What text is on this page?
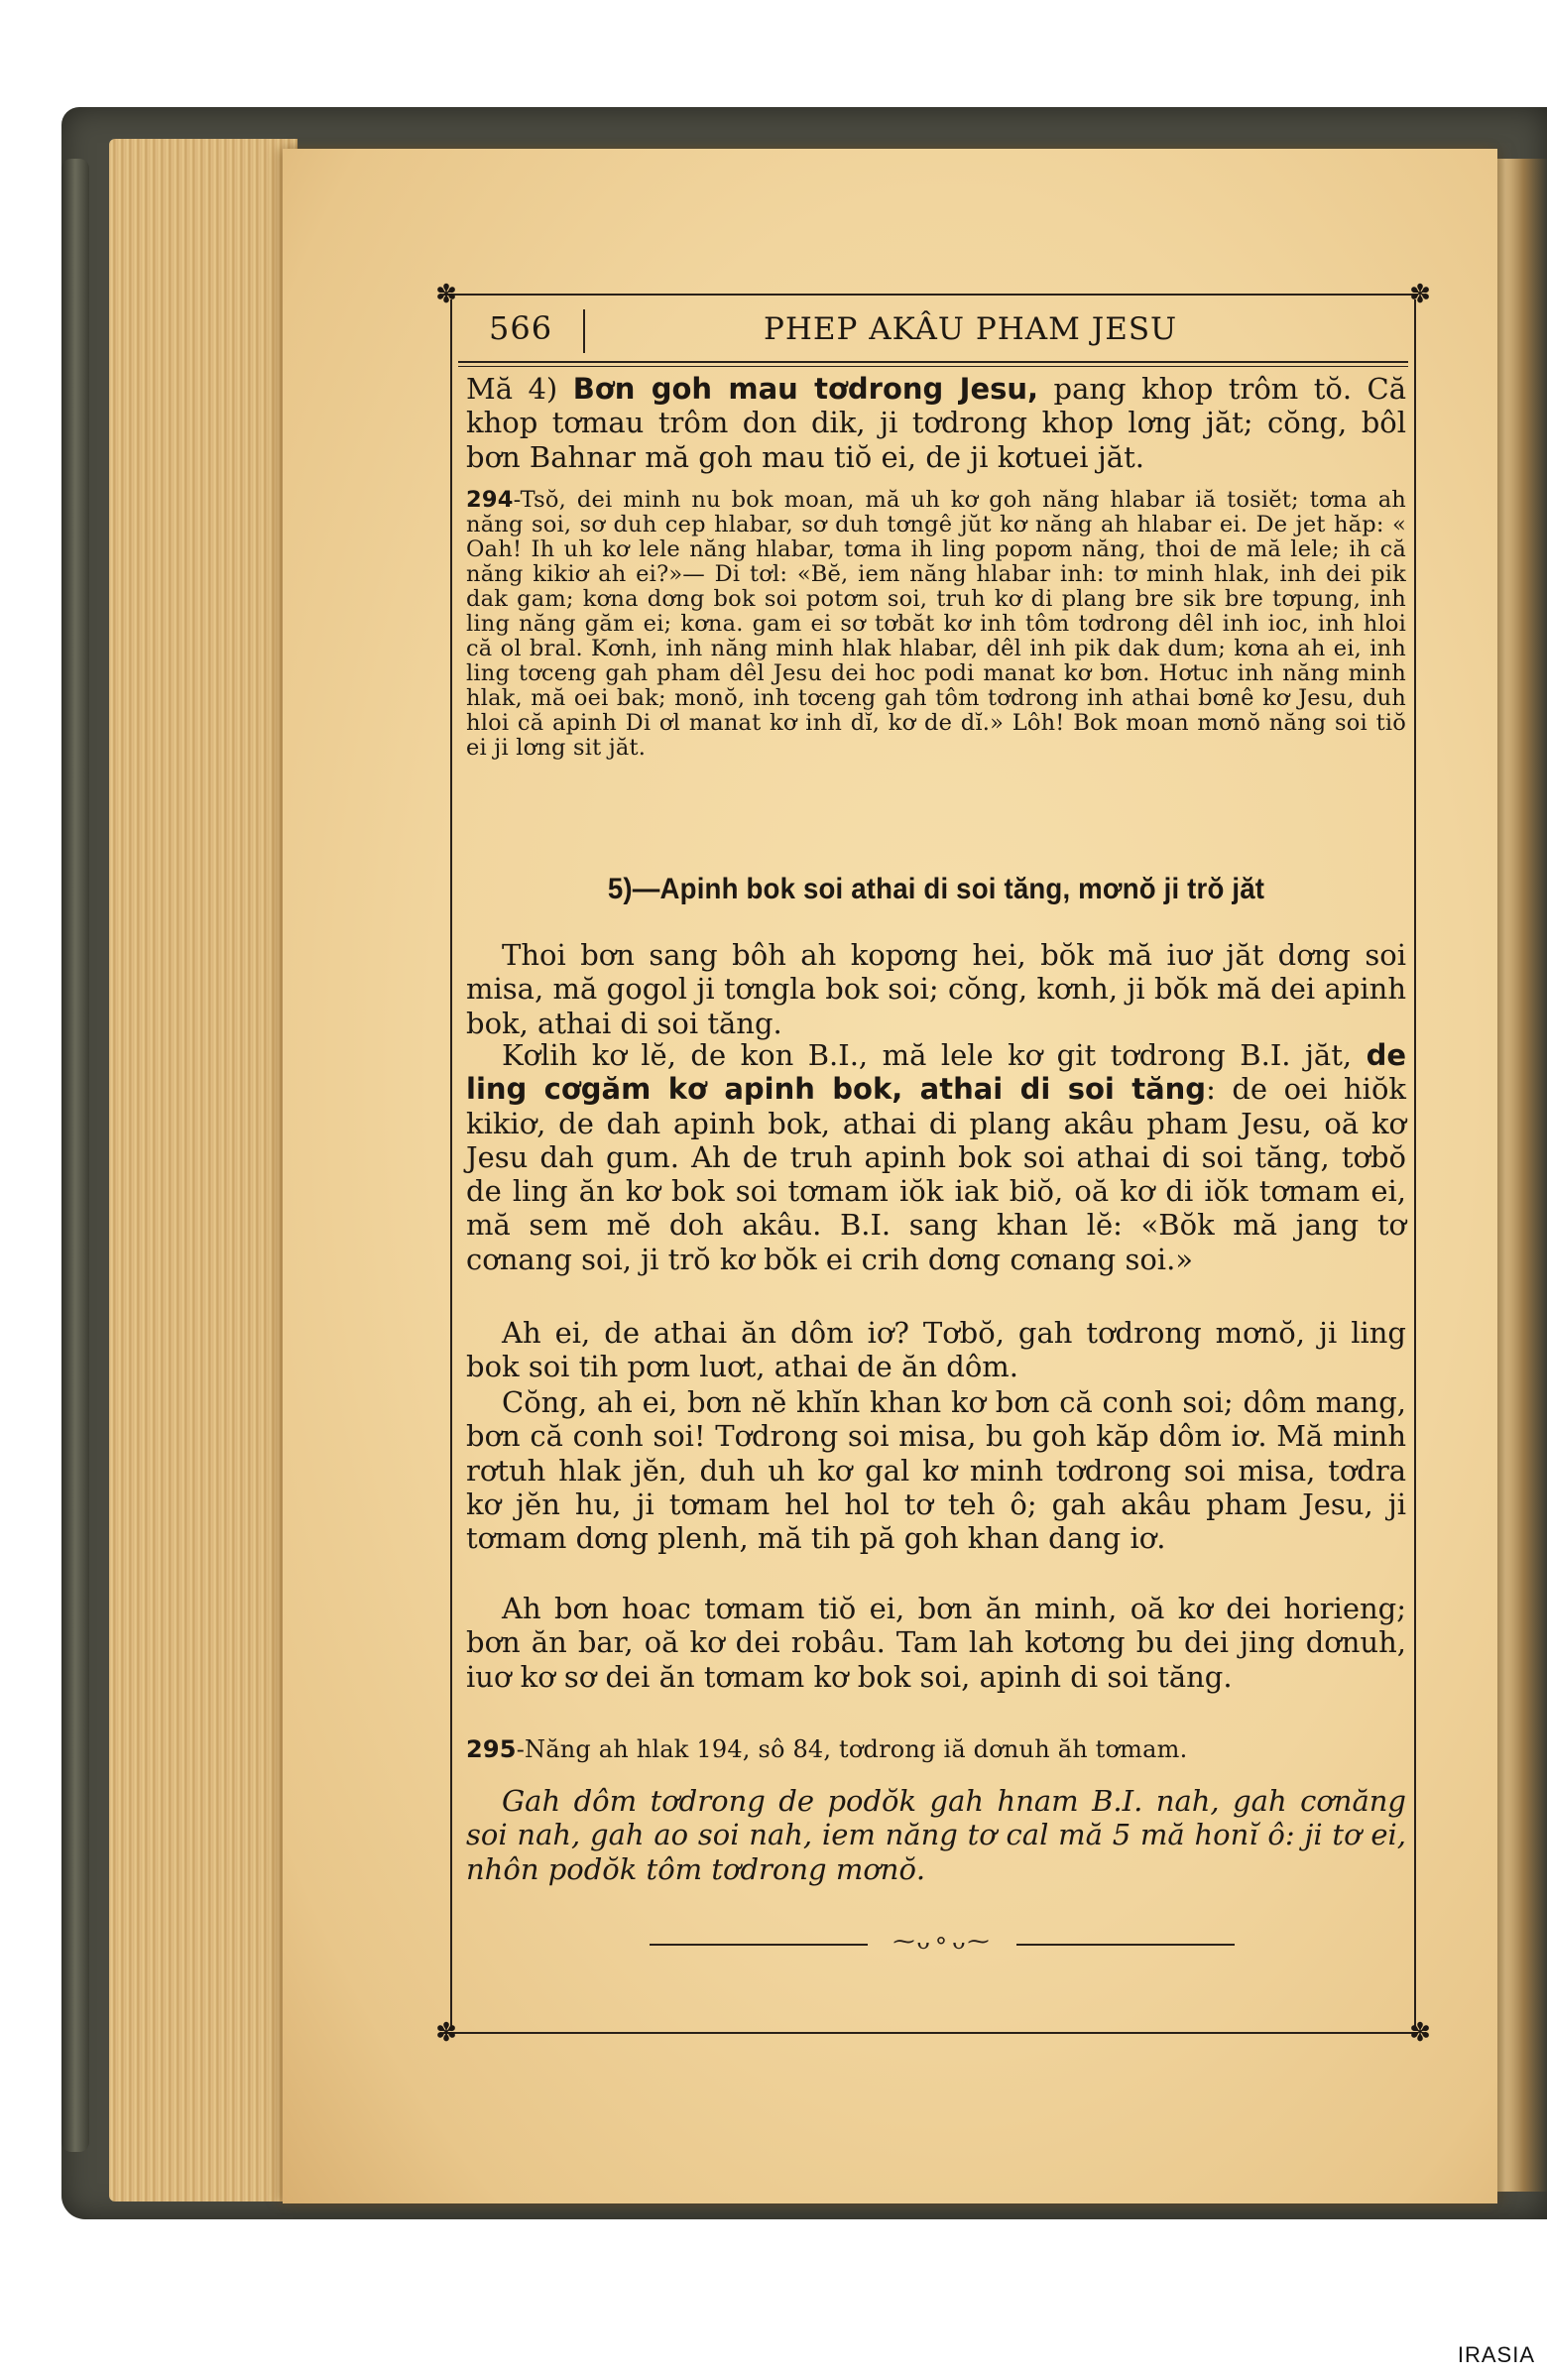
✽	✽
✽	✽
566	PHEP AKÂU PHAM JESU
Mă 4) Bơn goh mau tơdrong Jesu, pang khop trôm tŏ. Că khop tơmau trôm don dik, ji tơdrong khop lơng jăt; cŏng, bôl bơn Bahnar mă goh mau tiŏ ei, de ji kơtuei jăt.
294-Tsŏ, dei minh nu bok moan, mă uh kơ goh năng hlabar iă tosiĕt; tơma ah năng soi, sơ duh cep hlabar, sơ duh tơngê jŭt kơ năng ah hlabar ei. De jet hăp: « Oah! Ih uh kơ lele năng hlabar, tơma ih ling popơm năng, thoi de mă lele; ih că năng kikiơ ah ei?»— Di tơl: «Bĕ, iem năng hlabar inh: tơ minh hlak, inh dei pik dak gam; kơna dơng bok soi potơm soi, truh kơ di plang bre sik bre tơpung, inh ling năng găm ei; kơna. gam ei sơ tơbăt kơ inh tôm tơdrong dêl inh ioc, inh hloi că ol bral. Kơnh, inh năng minh hlak hlabar, dêl inh pik dak dum; kơna ah ei, inh ling tơceng gah pham dêl Jesu dei hoc podi manat kơ bơn. Hơtuc inh năng minh hlak, mă oei bak; monŏ, inh tơceng gah tôm tơdrong inh athai bơnê kơ Jesu, duh hloi că apinh Di ơl manat kơ inh dĭ, kơ de dĭ.» Lôh! Bok moan mơnŏ năng soi tiŏ ei ji lơng sit jăt.
5)—Apinh bok soi athai di soi tăng, mơnŏ ji trŏ jăt
Thoi bơn sang bôh ah kopơng hei, bŏk mă iuơ jăt dơng soi misa, mă gogol ji tơngla bok soi; cŏng, kơnh, ji bŏk mă dei apinh bok, athai di soi tăng.
Kơlih kơ lĕ, de kon B.I., mă lele kơ git tơdrong B.I. jăt, de ling cơgăm kơ apinh bok, athai di soi tăng: de oei hiŏk kikiơ, de dah apinh bok, athai di plang akâu pham Jesu, oă kơ Jesu dah gum. Ah de truh apinh bok soi athai di soi tăng, tơbŏ de ling ăn kơ bok soi tơmam iŏk iak biŏ, oă kơ di iŏk tơmam ei, mă sem mĕ doh akâu. B.I. sang khan lĕ: «Bŏk mă jang tơ cơnang soi, ji trŏ kơ bŏk ei crih dơng cơnang soi.»
Ah ei, de athai ăn dôm iơ? Tơbŏ, gah tơdrong mơnŏ, ji ling bok soi tih pơm luơt, athai de ăn dôm.
Cŏng, ah ei, bơn nĕ khĭn khan kơ bơn că conh soi; dôm mang, bơn că conh soi! Tơdrong soi misa, bu goh kăp dôm iơ. Mă minh rơtuh hlak jĕn, duh uh kơ gal kơ minh tơdrong soi misa, tơdra kơ jĕn hu, ji tơmam hel hol tơ teh ô; gah akâu pham Jesu, ji tơmam dơng plenh, mă tih pă goh khan dang iơ.
Ah bơn hoac tơmam tiŏ ei, bơn ăn minh, oă kơ dei horieng; bơn ăn bar, oă kơ dei robâu. Tam lah kơtơng bu dei jing dơnuh, iuơ kơ sơ dei ăn tơmam kơ bok soi, apinh di soi tăng.
295-Năng ah hlak 194, sô 84, tơdrong iă dơnuh ăh tơmam.
Gah dôm tơdrong de podŏk gah hnam B.I. nah, gah cơnăng soi nah, gah ao soi nah, iem năng tơ cal mă 5 mă honĭ ô: ji tơ ei, nhôn podŏk tôm tơdrong mơnŏ.
⁓ᴗ⚬ᴗ⁓
IRASIA
